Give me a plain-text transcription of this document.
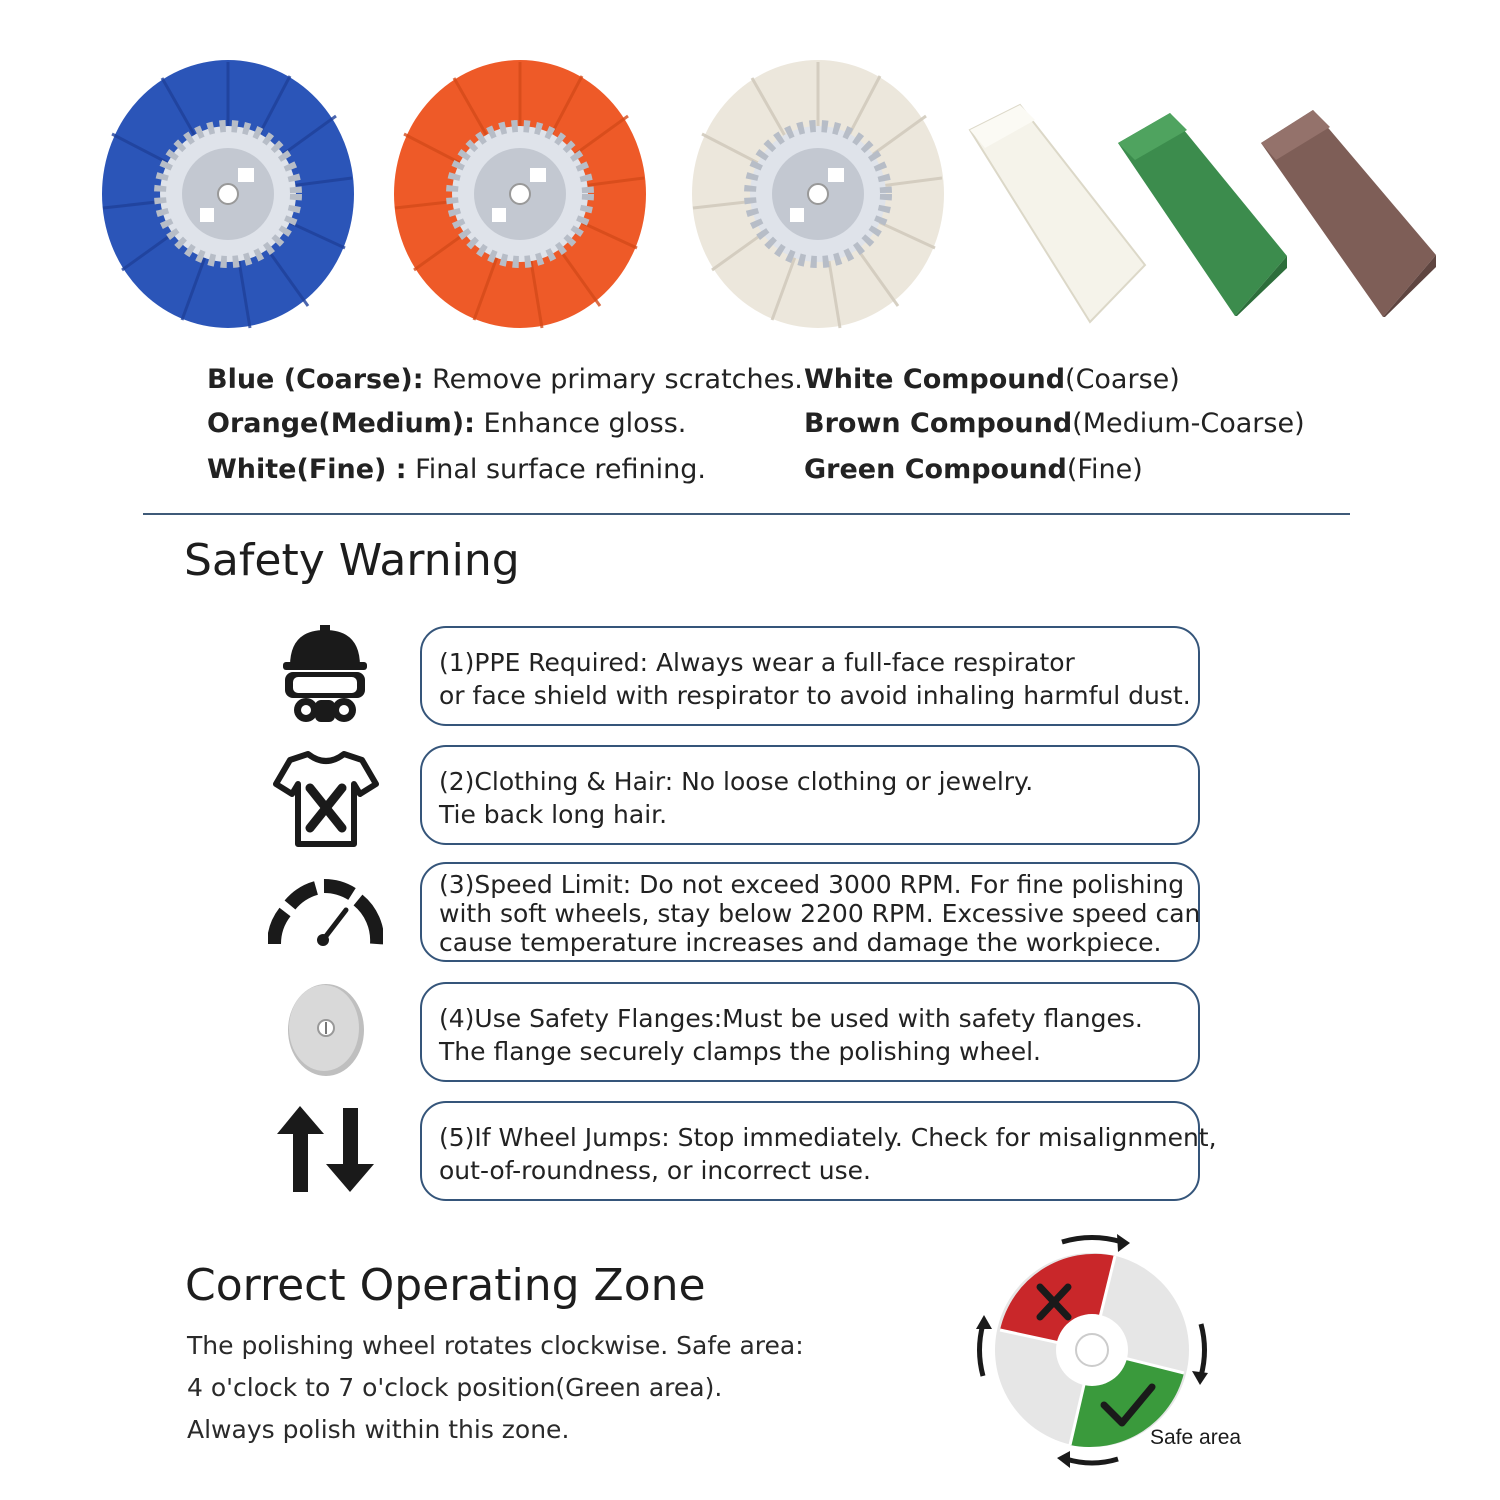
Blue (Coarse): Remove primary scratches.
Orange(Medium): Enhance gloss.
White(Fine) : Final surface refining.
White Compound(Coarse)
Brown Compound(Medium-Coarse)
Green Compound(Fine)
Safety Warning
(1)PPE Required: Always wear a full-face respirator
or face shield with respirator to avoid inhaling harmful dust.
(2)Clothing & Hair: No loose clothing or jewelry.
Tie back long hair.
(3)Speed Limit: Do not exceed 3000 RPM. For fine polishing
with soft wheels, stay below 2200 RPM. Excessive speed can
cause temperature increases and damage the workpiece.
(4)Use Safety Flanges:Must be used with safety flanges.
The flange securely clamps the polishing wheel.
(5)If Wheel Jumps: Stop immediately. Check for misalignment,
out-of-roundness, or incorrect use.
Correct Operating Zone
The polishing wheel rotates clockwise. Safe area:
4 o'clock to 7 o'clock position(Green area).
Always polish within this zone.	Safe area
